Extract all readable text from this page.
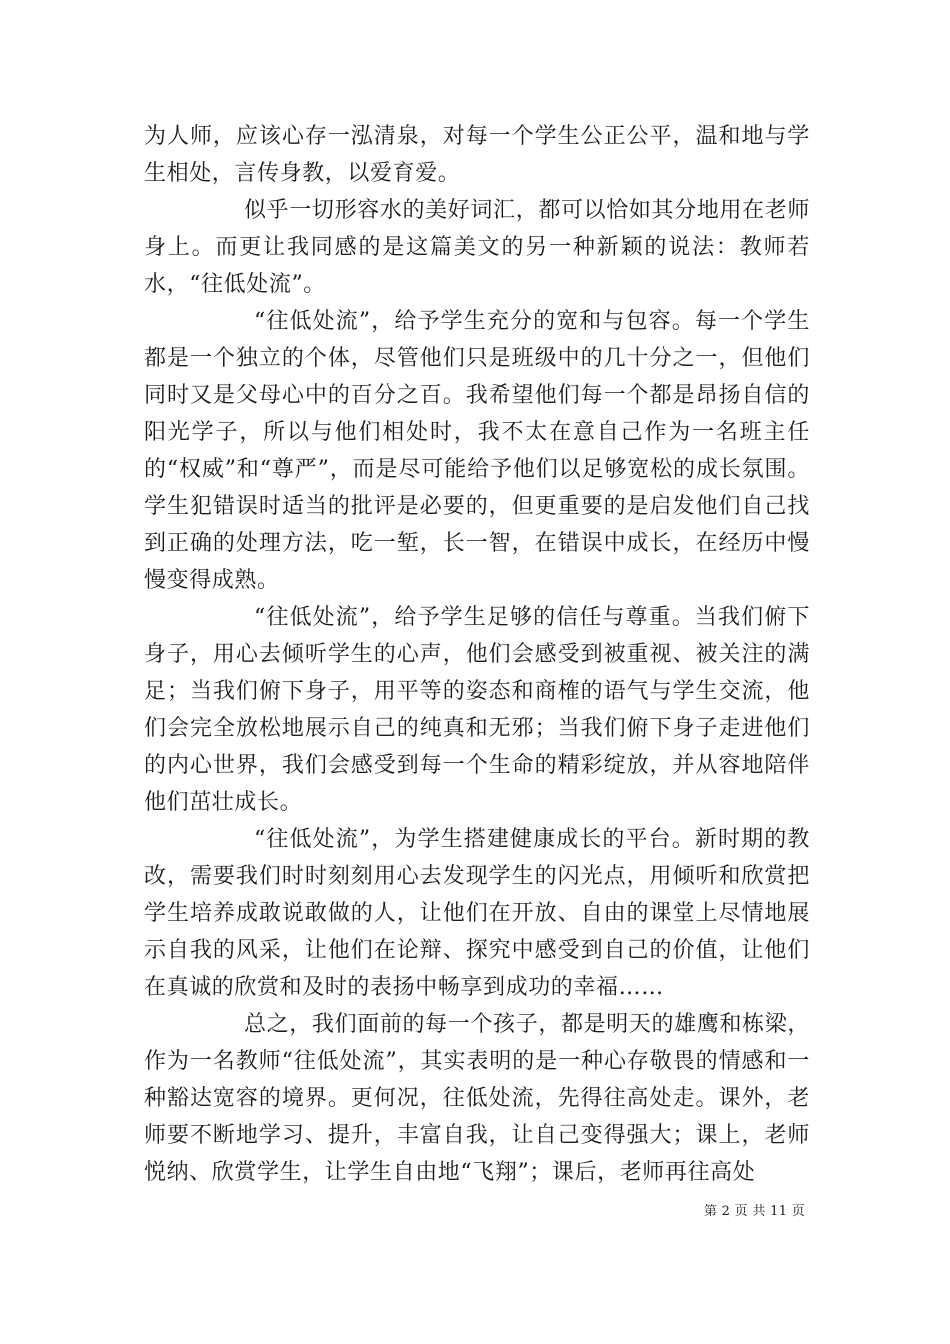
为人师，应该心存一泓清泉，对每一个学生公正公平，温和地与学生相处，言传身教，以爱育爱。

似乎一切形容水的美好词汇，都可以恰如其分地用在老师身上。而更让我同感的是这篇美文的另一种新颖的说法：教师若水，“往低处流”。

“往低处流”，给予学生充分的宽和与包容。每一个学生都是一个独立的个体，尽管他们只是班级中的几十分之一，但他们同时又是父母心中的百分之百。我希望他们每一个都是昂扬自信的阳光学子，所以与他们相处时，我不太在意自己作为一名班主任的“权威”和“尊严”，而是尽可能给予他们以足够宽松的成长氛围。学生犯错误时适当的批评是必要的，但更重要的是启发他们自己找到正确的处理方法，吃一堑，长一智，在错误中成长，在经历中慢慢变得成熟。

“往低处流”，给予学生足够的信任与尊重。当我们俯下身子，用心去倾听学生的心声，他们会感受到被重视、被关注的满足；当我们俯下身子，用平等的姿态和商榷的语气与学生交流，他们会完全放松地展示自己的纯真和无邪；当我们俯下身子走进他们的内心世界，我们会感受到每一个生命的精彩绽放，并从容地陪伴他们茁壮成长。

“往低处流”，为学生搭建健康成长的平台。新时期的教改，需要我们时时刻刻用心去发现学生的闪光点，用倾听和欣赏把学生培养成敢说敢做的人，让他们在开放、自由的课堂上尽情地展示自我的风采，让他们在论辩、探究中感受到自己的价值，让他们在真诚的欣赏和及时的表扬中畅享到成功的幸福……

总之，我们面前的每一个孩子，都是明天的雄鹰和栋梁，作为一名教师“往低处流”，其实表明的是一种心存敬畏的情感和一种豁达宽容的境界。更何况，往低处流，先得往高处走。课外，老师要不断地学习、提升，丰富自我，让自己变得强大；课上，老师悦纳、欣赏学生，让学生自由地“飞翔”；课后，老师再往高处

第 2 页 共 11 页
